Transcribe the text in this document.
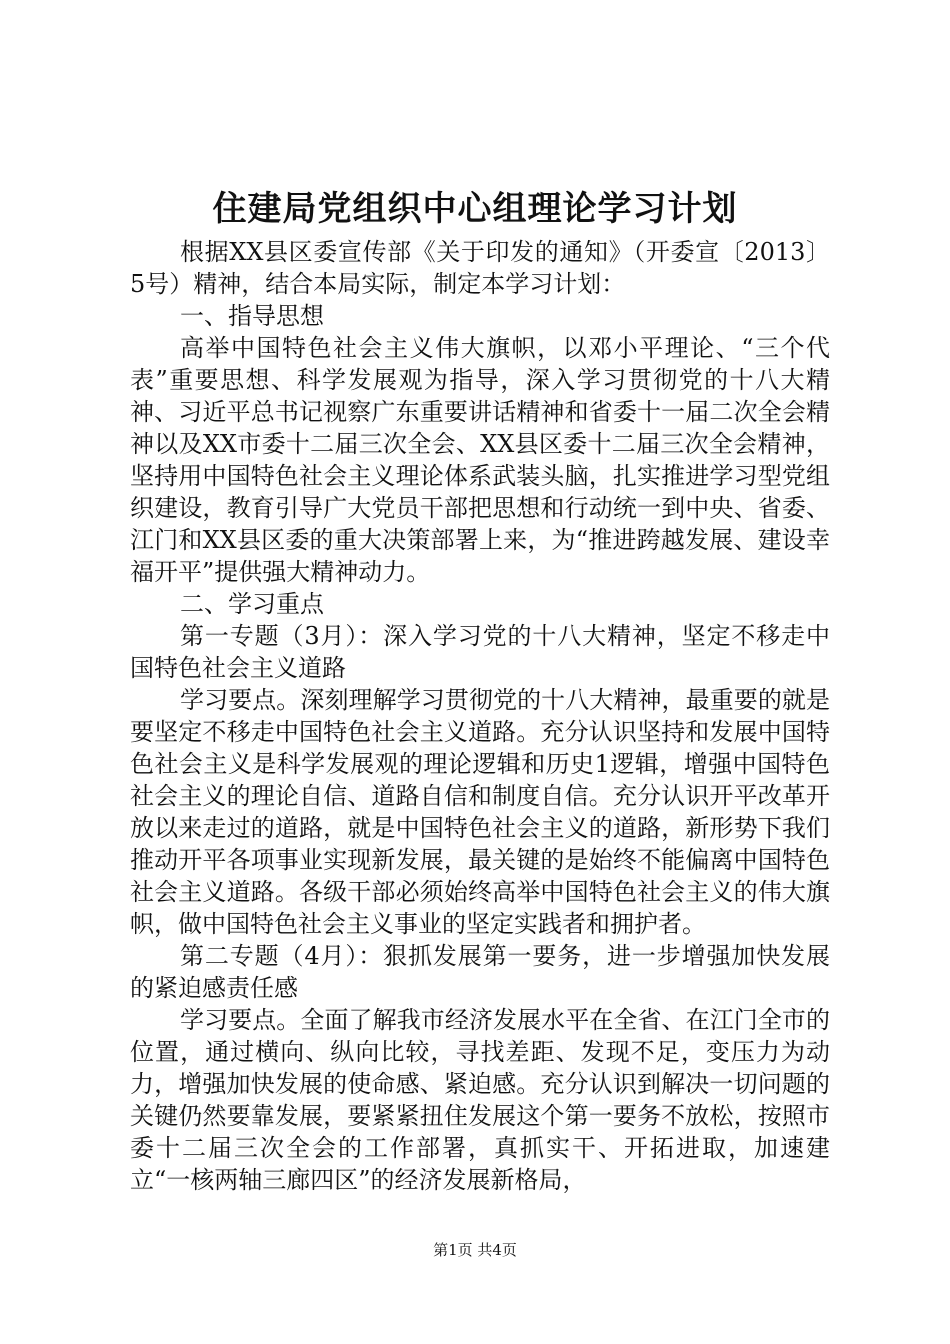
住建局党组织中心组理论学习计划

根据XX县区委宣传部《关于印发的通知》（开委宣〔2013〕5号）精神，结合本局实际，制定本学习计划：

一、指导思想

高举中国特色社会主义伟大旗帜，以邓小平理论、“三个代表”重要思想、科学发展观为指导，深入学习贯彻党的十八大精神、习近平总书记视察广东重要讲话精神和省委十一届二次全会精神以及XX市委十二届三次全会、XX县区委十二届三次全会精神，坚持用中国特色社会主义理论体系武装头脑，扎实推进学习型党组织建设，教育引导广大党员干部把思想和行动统一到中央、省委、江门和XX县区委的重大决策部署上来，为“推进跨越发展、建设幸福开平”提供强大精神动力。

二、学习重点

第一专题（3月）：深入学习党的十八大精神，坚定不移走中国特色社会主义道路

学习要点。深刻理解学习贯彻党的十八大精神，最重要的就是要坚定不移走中国特色社会主义道路。充分认识坚持和发展中国特色社会主义是科学发展观的理论逻辑和历史1逻辑，增强中国特色社会主义的理论自信、道路自信和制度自信。充分认识开平改革开放以来走过的道路，就是中国特色社会主义的道路，新形势下我们推动开平各项事业实现新发展，最关键的是始终不能偏离中国特色社会主义道路。各级干部必须始终高举中国特色社会主义的伟大旗帜，做中国特色社会主义事业的坚定实践者和拥护者。

第二专题（4月）：狠抓发展第一要务，进一步增强加快发展的紧迫感责任感

学习要点。全面了解我市经济发展水平在全省、在江门全市的位置，通过横向、纵向比较，寻找差距、发现不足，变压力为动力，增强加快发展的使命感、紧迫感。充分认识到解决一切问题的关键仍然要靠发展，要紧紧扭住发展这个第一要务不放松，按照市委十二届三次全会的工作部署，真抓实干、开拓进取，加速建立“一核两轴三廊四区”的经济发展新格局，

第1页 共4页
